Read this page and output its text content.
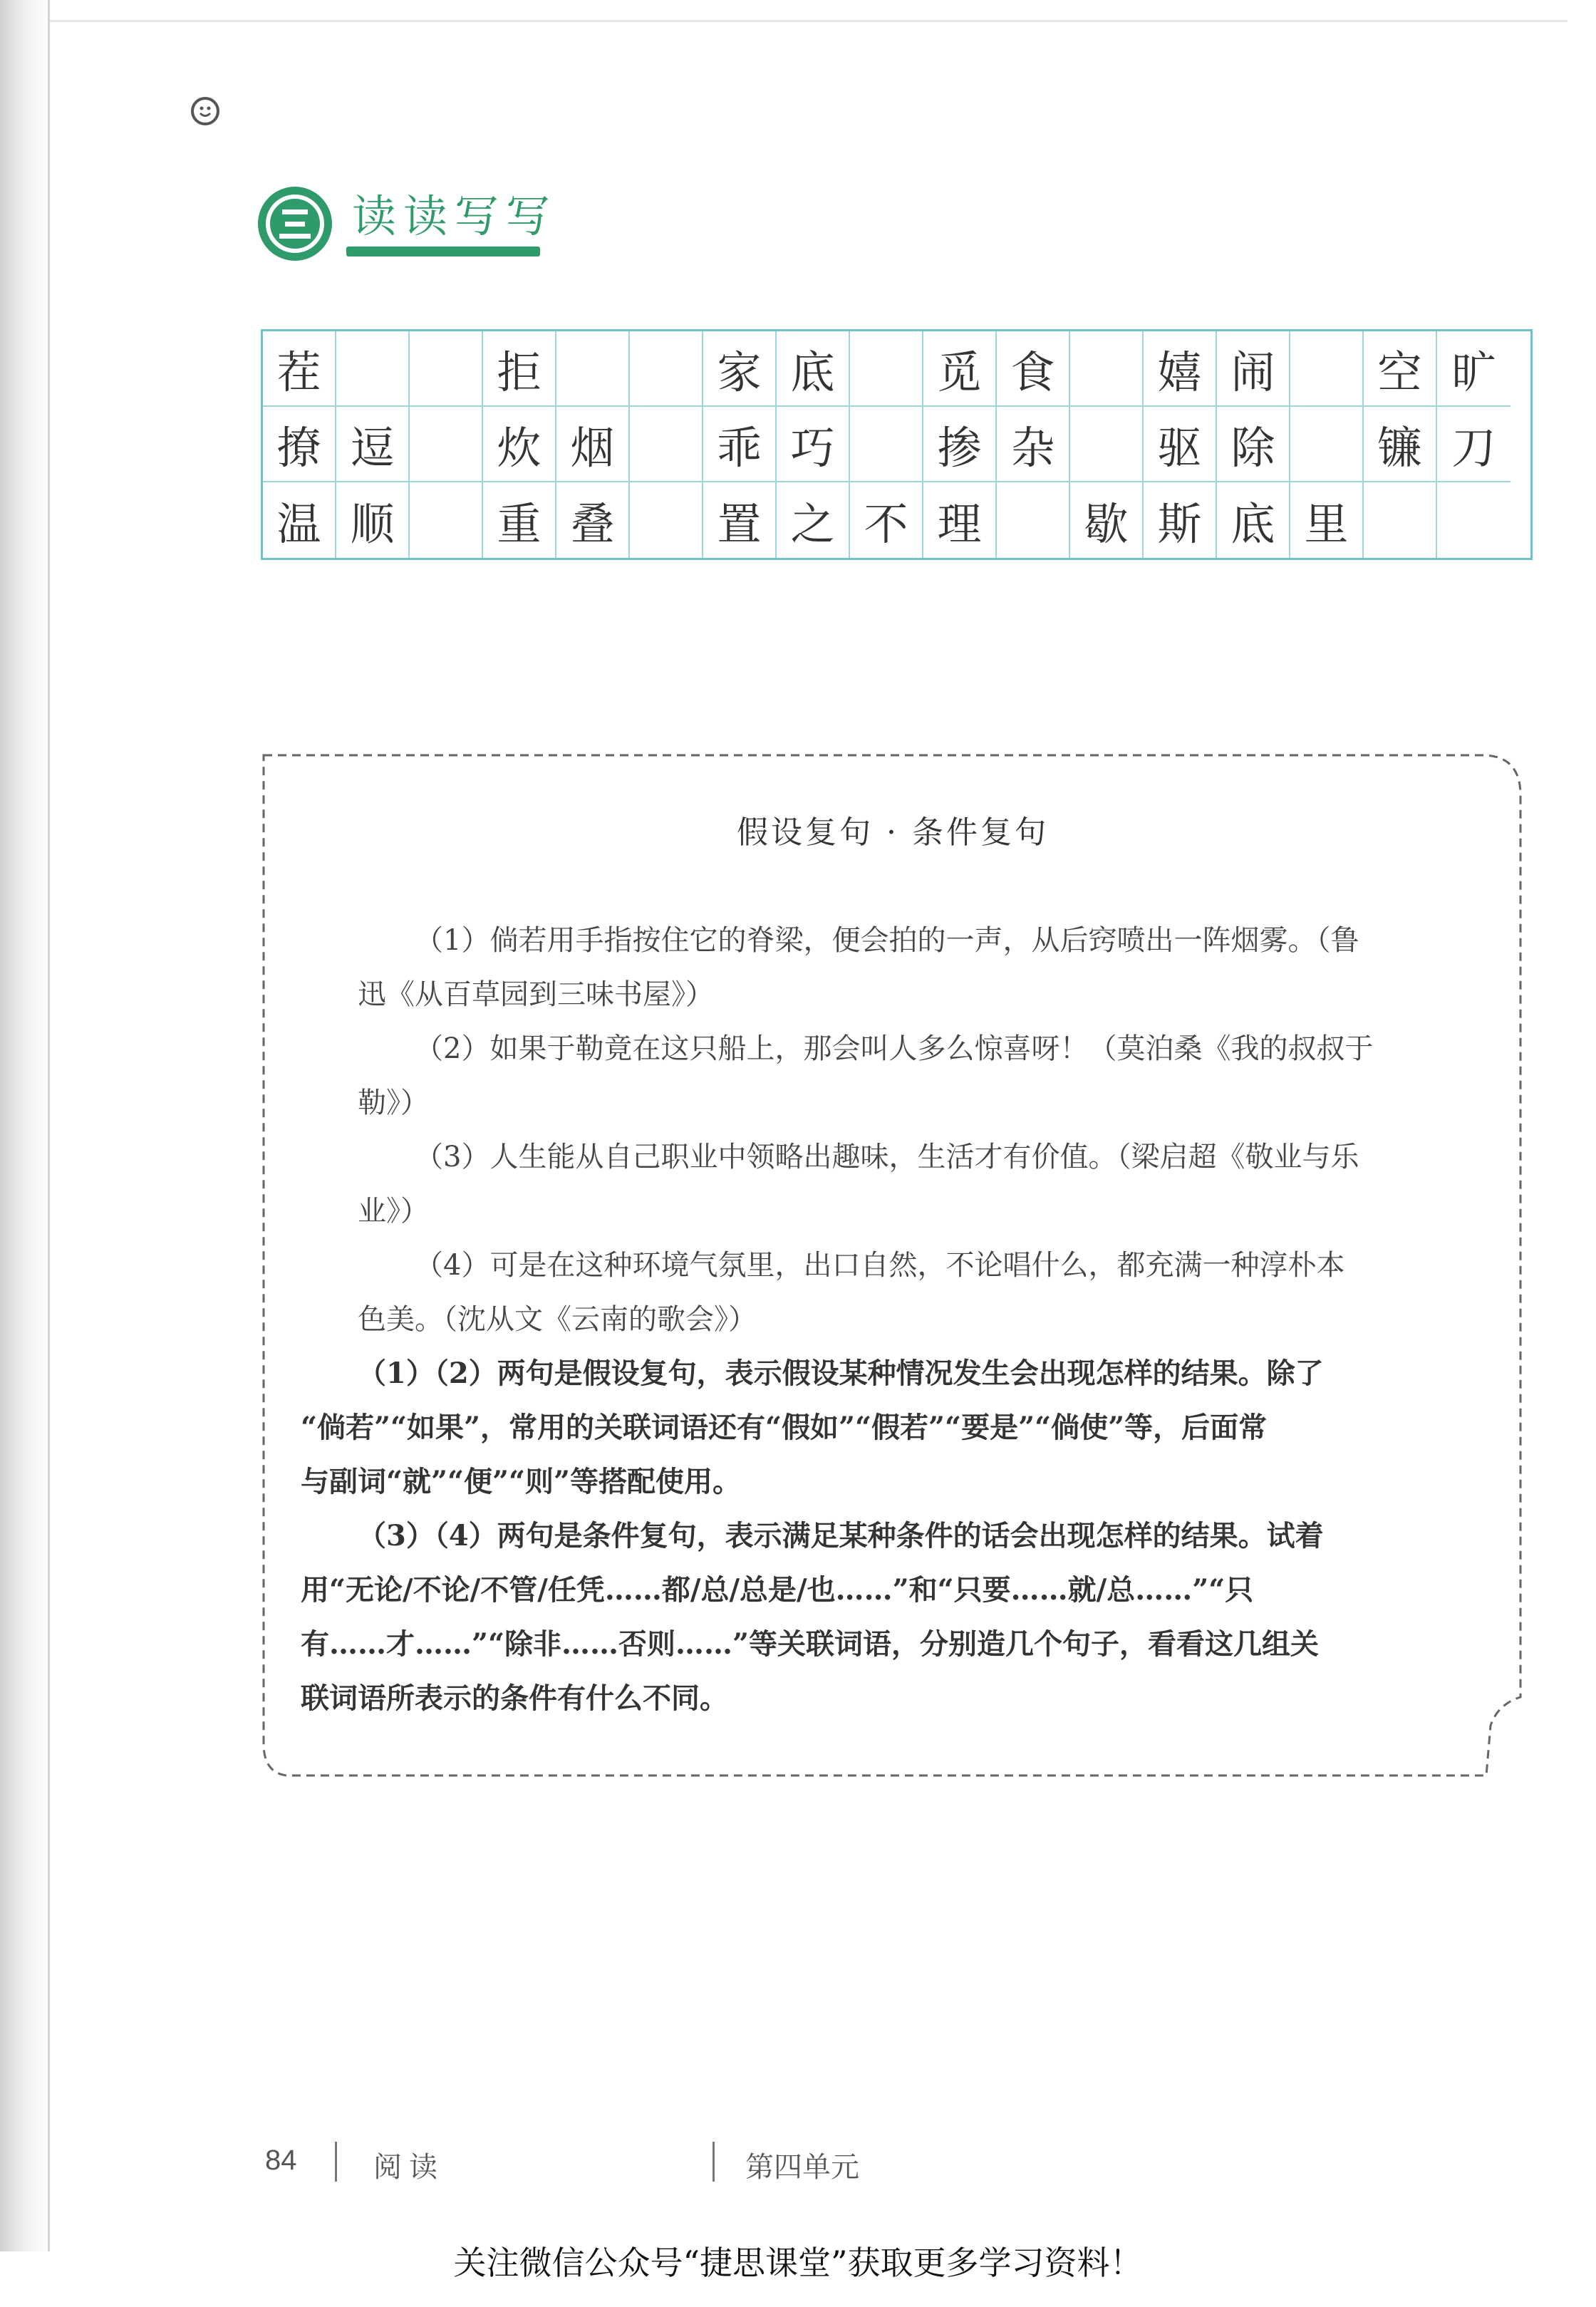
读读写写
茬	拒	家 底	觅 食	嬉 闹	空 旷
撩 逗	炊 烟	乖 巧	掺 杂	驱 除	镰 刀
温 顺	重 叠	置 之 不 理	歇 斯 底 里
假设复句 · 条件复句
（1）倘若用手指按住它的脊梁，便会拍的一声，从后窍喷出一阵烟雾。（鲁
迅《从百草园到三味书屋》）
（2）如果于勒竟在这只船上，那会叫人多么惊喜呀！（莫泊桑《我的叔叔于
勒》）
（3）人生能从自己职业中领略出趣味，生活才有价值。（梁启超《敬业与乐
业》）
（4）可是在这种环境气氛里，出口自然，不论唱什么，都充满一种淳朴本
色美。（沈从文《云南的歌会》）
（1）（2）两句是假设复句，表示假设某种情况发生会出现怎样的结果。除了
“倘若”“如果”，常用的关联词语还有“假如”“假若”“要是”“倘使”等，后面常
与副词“就”“便”“则”等搭配使用。
（3）（4）两句是条件复句，表示满足某种条件的话会出现怎样的结果。试着
用“无论/不论/不管/任凭……都/总/总是/也……”和“只要……就/总……”“只
有……才……”“除非……否则……”等关联词语，分别造几个句子，看看这几组关
联词语所表示的条件有什么不同。
84	阅读	第四单元
关注微信公众号“捷思课堂”获取更多学习资料！
